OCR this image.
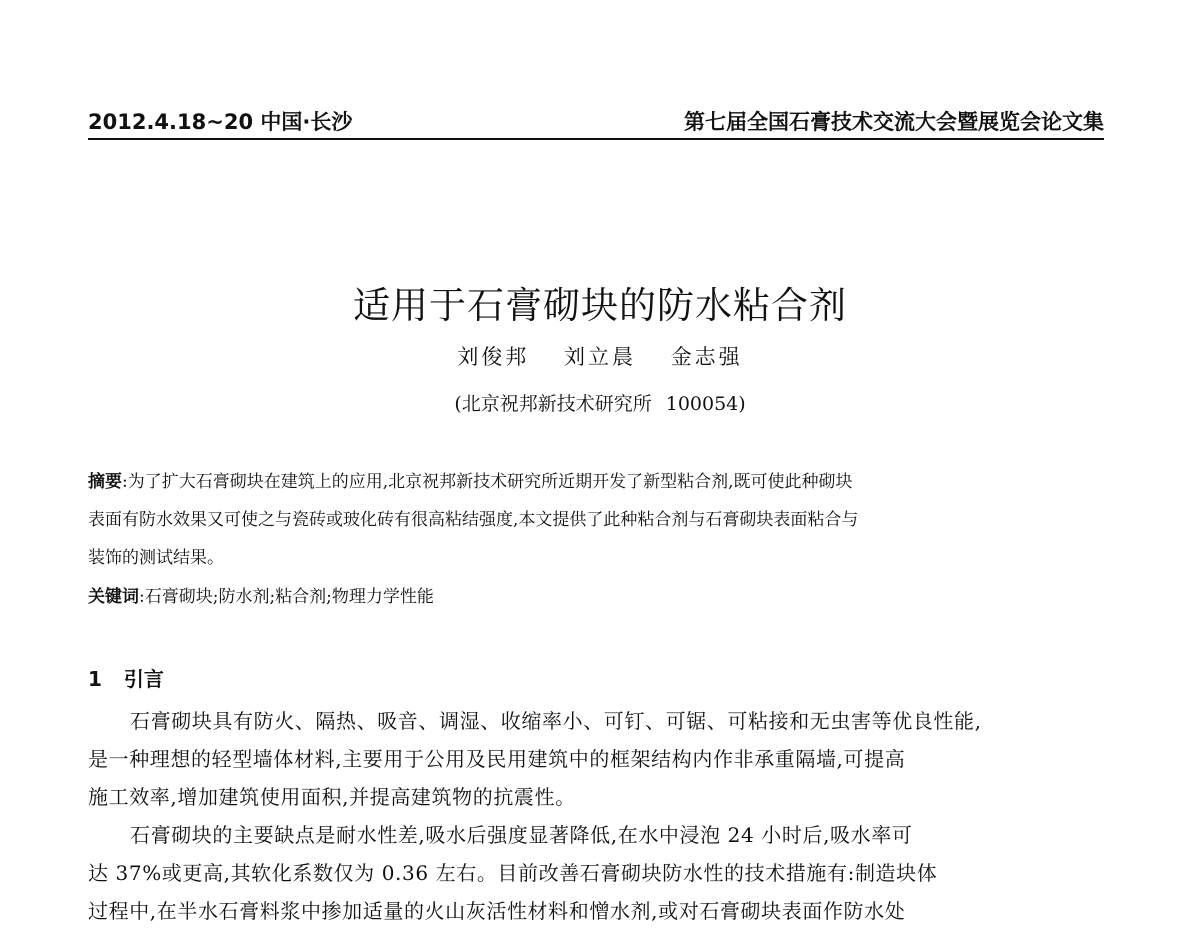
2012.4.18~20 中国·长沙	第七届全国石膏技术交流大会暨展览会论文集
适用于石膏砌块的防水粘合剂
刘俊邦 刘立晨 金志强
(北京祝邦新技术研究所 100054)
摘要:为了扩大石膏砌块在建筑上的应用,北京祝邦新技术研究所近期开发了新型粘合剂,既可使此种砌块
表面有防水效果又可使之与瓷砖或玻化砖有很高粘结强度,本文提供了此种粘合剂与石膏砌块表面粘合与
装饰的测试结果。
关键词:石膏砌块;防水剂;粘合剂;物理力学性能
1 引言
石膏砌块具有防火、隔热、吸音、调湿、收缩率小、可钉、可锯、可粘接和无虫害等优良性能,
是一种理想的轻型墙体材料,主要用于公用及民用建筑中的框架结构内作非承重隔墙,可提高
施工效率,增加建筑使用面积,并提高建筑物的抗震性。
石膏砌块的主要缺点是耐水性差,吸水后强度显著降低,在水中浸泡 24 小时后,吸水率可
达 37%或更高,其软化系数仅为 0.36 左右。目前改善石膏砌块防水性的技术措施有:制造块体
过程中,在半水石膏料浆中掺加适量的火山灰活性材料和憎水剂,或对石膏砌块表面作防水处
